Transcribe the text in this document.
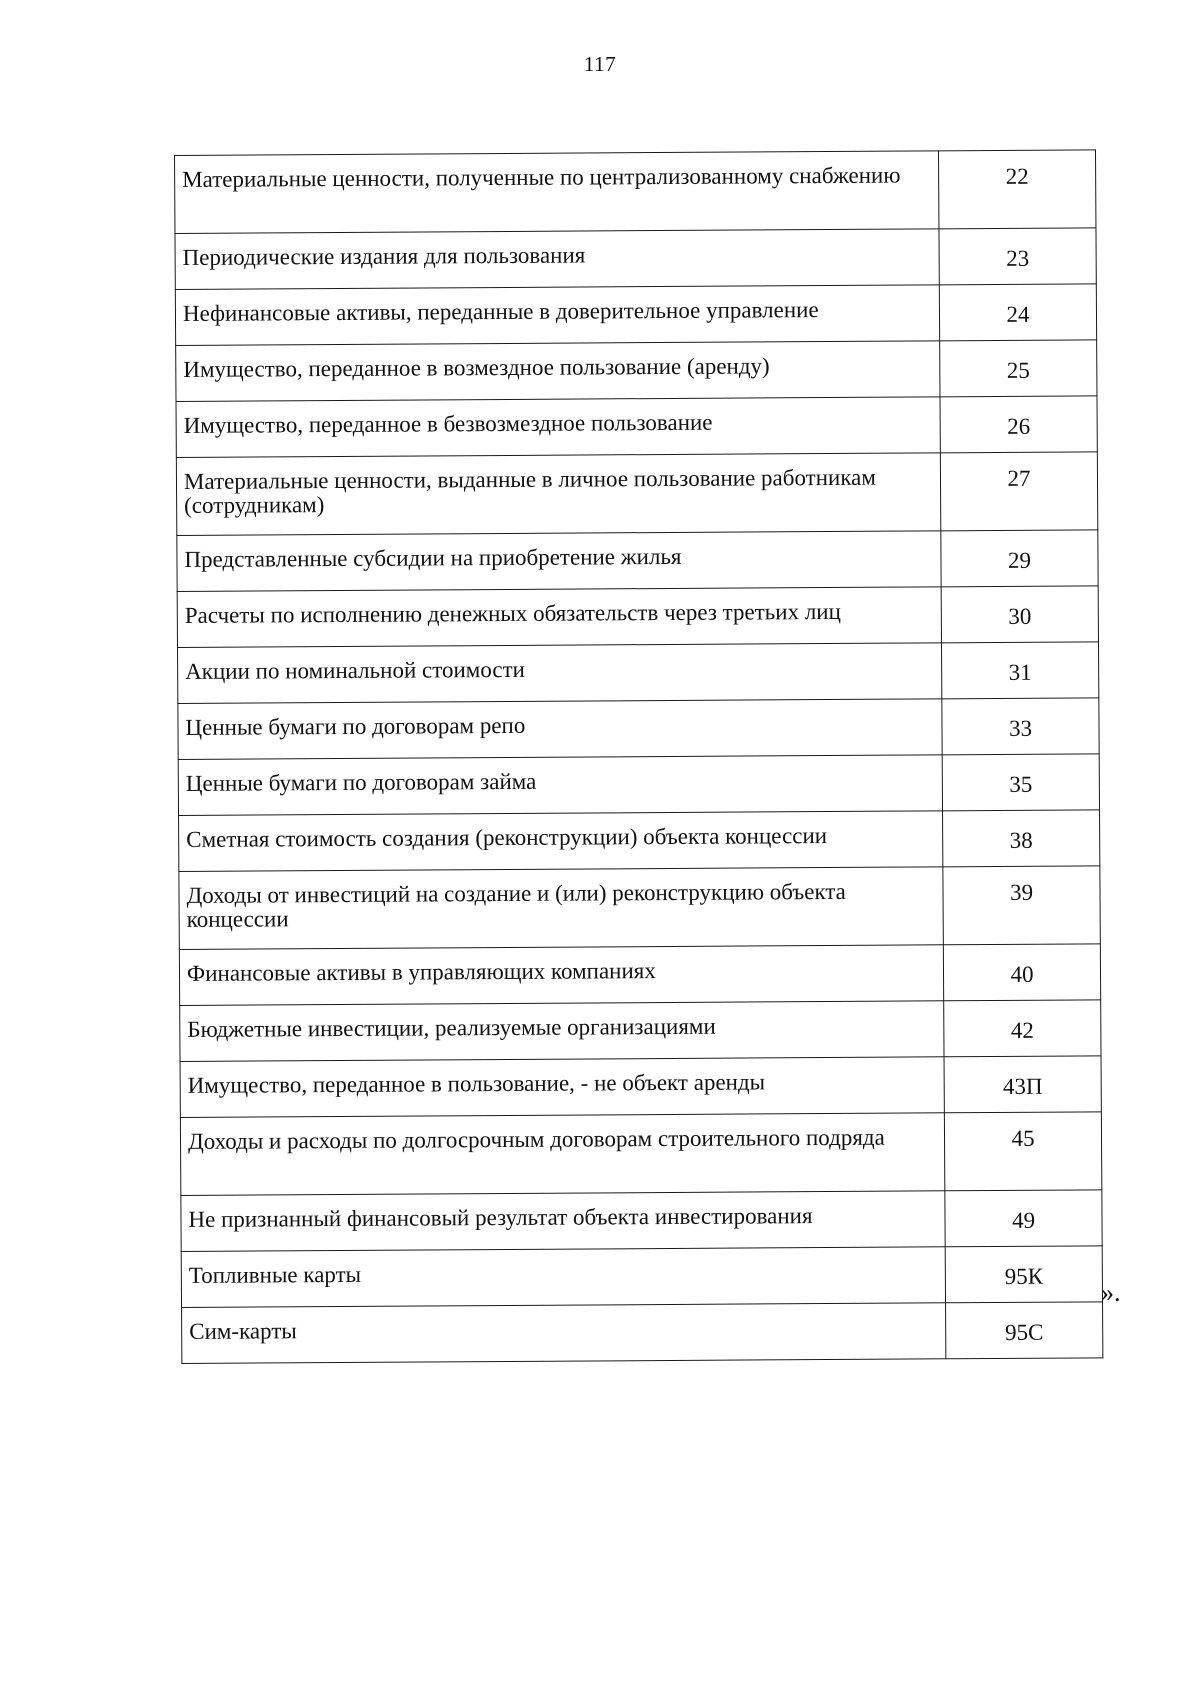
117
Материальные ценности, полученные по централизованному снабжению	22
Периодические издания для пользования	23
Нефинансовые активы, переданные в доверительное управление	24
Имущество, переданное в возмездное пользование (аренду)	25
Имущество, переданное в безвозмездное пользование	26
Материальные ценности, выданные в личное пользование работникам (сотрудникам)	27
Представленные субсидии на приобретение жилья	29
Расчеты по исполнению денежных обязательств через третьих лиц	30
Акции по номинальной стоимости	31
Ценные бумаги по договорам репо	33
Ценные бумаги по договорам займа	35
Сметная стоимость создания (реконструкции) объекта концессии	38
Доходы от инвестиций на создание и (или) реконструкцию объекта концессии	39
Финансовые активы в управляющих компаниях	40
Бюджетные инвестиции, реализуемые организациями	42
Имущество, переданное в пользование, - не объект аренды	43П
Доходы и расходы по долгосрочным договорам строительного подряда	45
Не признанный финансовый результат объекта инвестирования	49
Топливные карты	95К
Сим-карты	95С
».
